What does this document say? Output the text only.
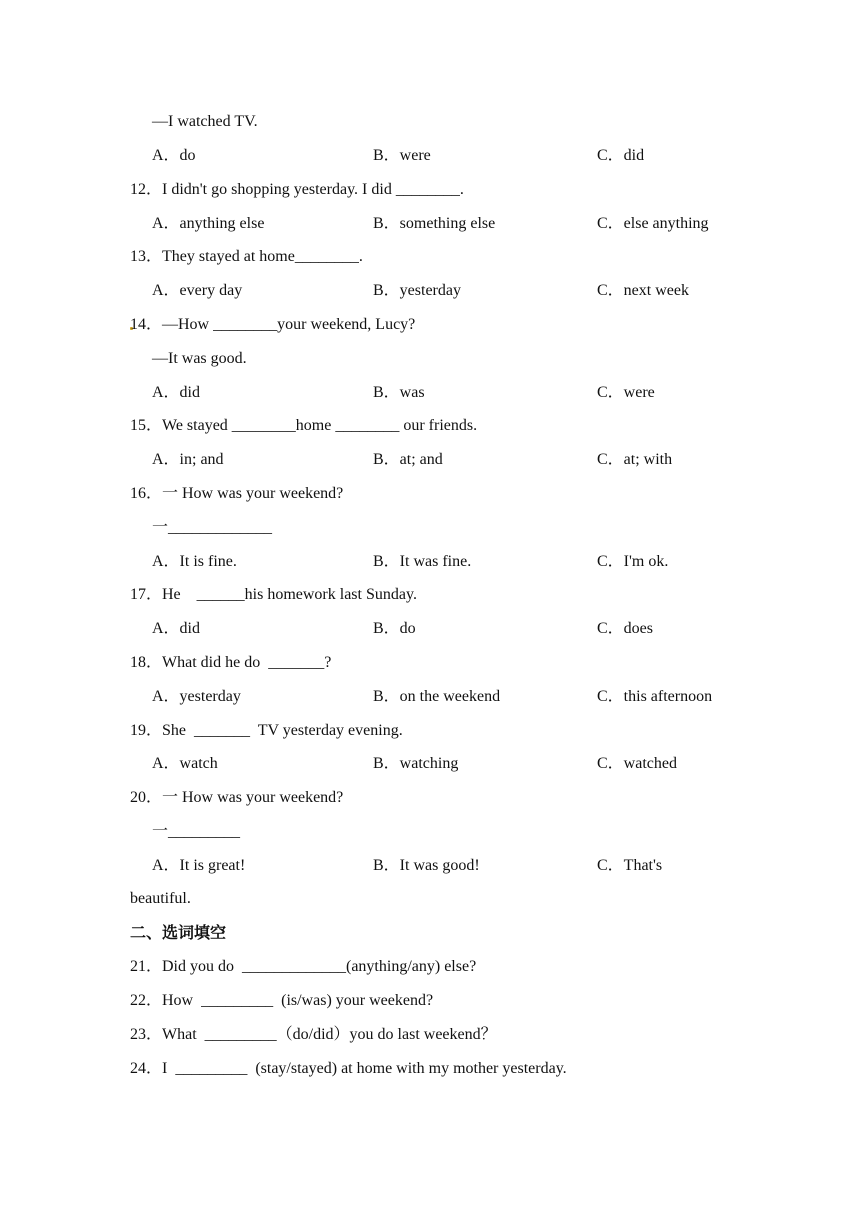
—I watched TV.
A．do	B．were	C．did
12．I didn't go shopping yesterday. I did ________.
A．anything else	B．something else	C．else anything
13．They stayed at home________.
A．every day	B．yesterday	C．next week
14．—How ________your weekend, Lucy?
—It was good.
A．did	B．was	C．were
15．We stayed ________home ________ our friends.
A．in; and	B．at; and	C．at; with
16．一 How was your weekend?
一_____________
A．It is fine.	B．It was fine.	C．I'm ok.
17．He    ______his homework last Sunday.
A．did	B．do	C．does
18．What did he do  _______?
A．yesterday	B．on the weekend	C．this afternoon
19．She  _______  TV yesterday evening.
A．watch	B．watching	C．watched
20．一 How was your weekend?
一_________
A．It is great!	B．It was good!	C．That's
beautiful.
二、选词填空
21．Did you do  _____________(anything/any) else?
22．How  _________  (is/was) your weekend?
23．What  _________（do/did）you do last weekend？
24．I  _________  (stay/stayed) at home with my mother yesterday.
